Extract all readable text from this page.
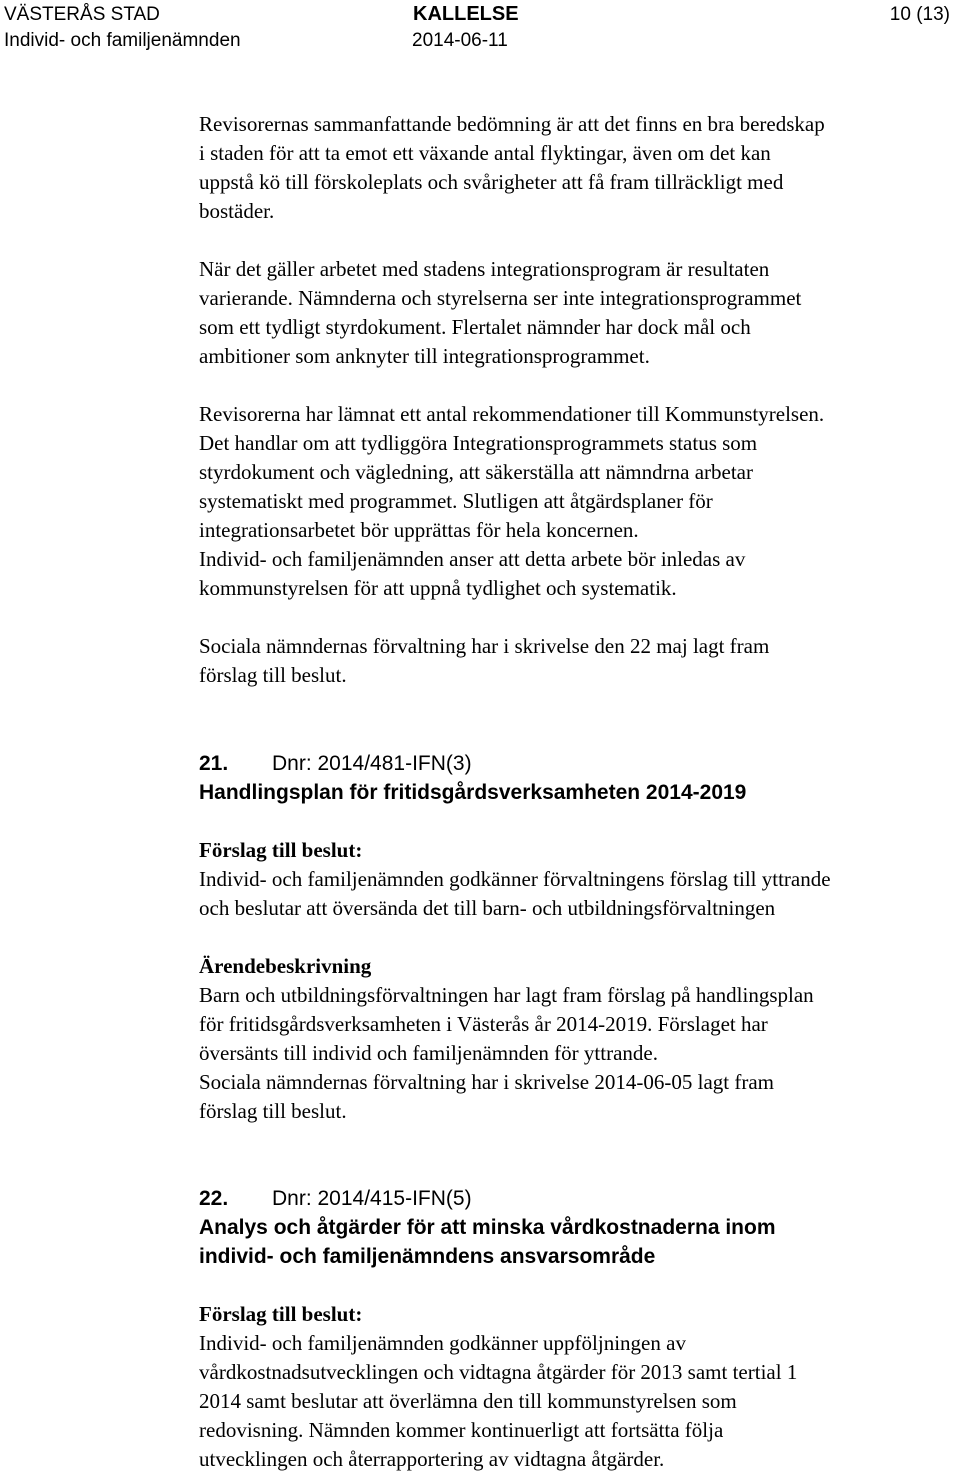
VÄSTERÅS STAD
Individ- och familjenämnden
KALLELSE
2014-06-11
10 (13)

Revisorernas sammanfattande bedömning är att det finns en bra beredskap
i staden för att ta emot ett växande antal flyktingar, även om det kan
uppstå kö till förskoleplats och svårigheter att få fram tillräckligt med
bostäder.

När det gäller arbetet med stadens integrationsprogram är resultaten
varierande. Nämnderna och styrelserna ser inte integrationsprogrammet
som ett tydligt styrdokument. Flertalet nämnder har dock mål och
ambitioner som anknyter till integrationsprogrammet.

Revisorerna har lämnat ett antal rekommendationer till Kommunstyrelsen.
Det handlar om att tydliggöra Integrationsprogrammets status som
styrdokument och vägledning, att säkerställa att nämndrna arbetar
systematiskt med programmet. Slutligen att åtgärdsplaner för
integrationsarbetet bör upprättas för hela koncernen.
Individ- och familjenämnden anser att detta arbete bör inledas av
kommunstyrelsen för att uppnå tydlighet och systematik.

Sociala nämndernas förvaltning har i skrivelse den 22 maj lagt fram
förslag till beslut.

21. Dnr: 2014/481-IFN(3)

Handlingsplan för fritidsgårdsverksamheten 2014-2019

Förslag till beslut:

Individ- och familjenämnden godkänner förvaltningens förslag till yttrande
och beslutar att översända det till barn- och utbildningsförvaltningen

Ärendebeskrivning

Barn och utbildningsförvaltningen har lagt fram förslag på handlingsplan
för fritidsgårdsverksamheten i Västerås år 2014-2019. Förslaget har
översänts till individ och familjenämnden för yttrande.
Sociala nämndernas förvaltning har i skrivelse 2014-06-05 lagt fram
förslag till beslut.

22. Dnr: 2014/415-IFN(5)

Analys och åtgärder för att minska vårdkostnaderna inom
individ- och familjenämndens ansvarsområde

Förslag till beslut:

Individ- och familjenämnden godkänner uppföljningen av
vårdkostnadsutvecklingen och vidtagna åtgärder för 2013 samt tertial 1
2014 samt beslutar att överlämna den till kommunstyrelsen som
redovisning. Nämnden kommer kontinuerligt att fortsätta följa
utvecklingen och återrapportering av vidtagna åtgärder.
